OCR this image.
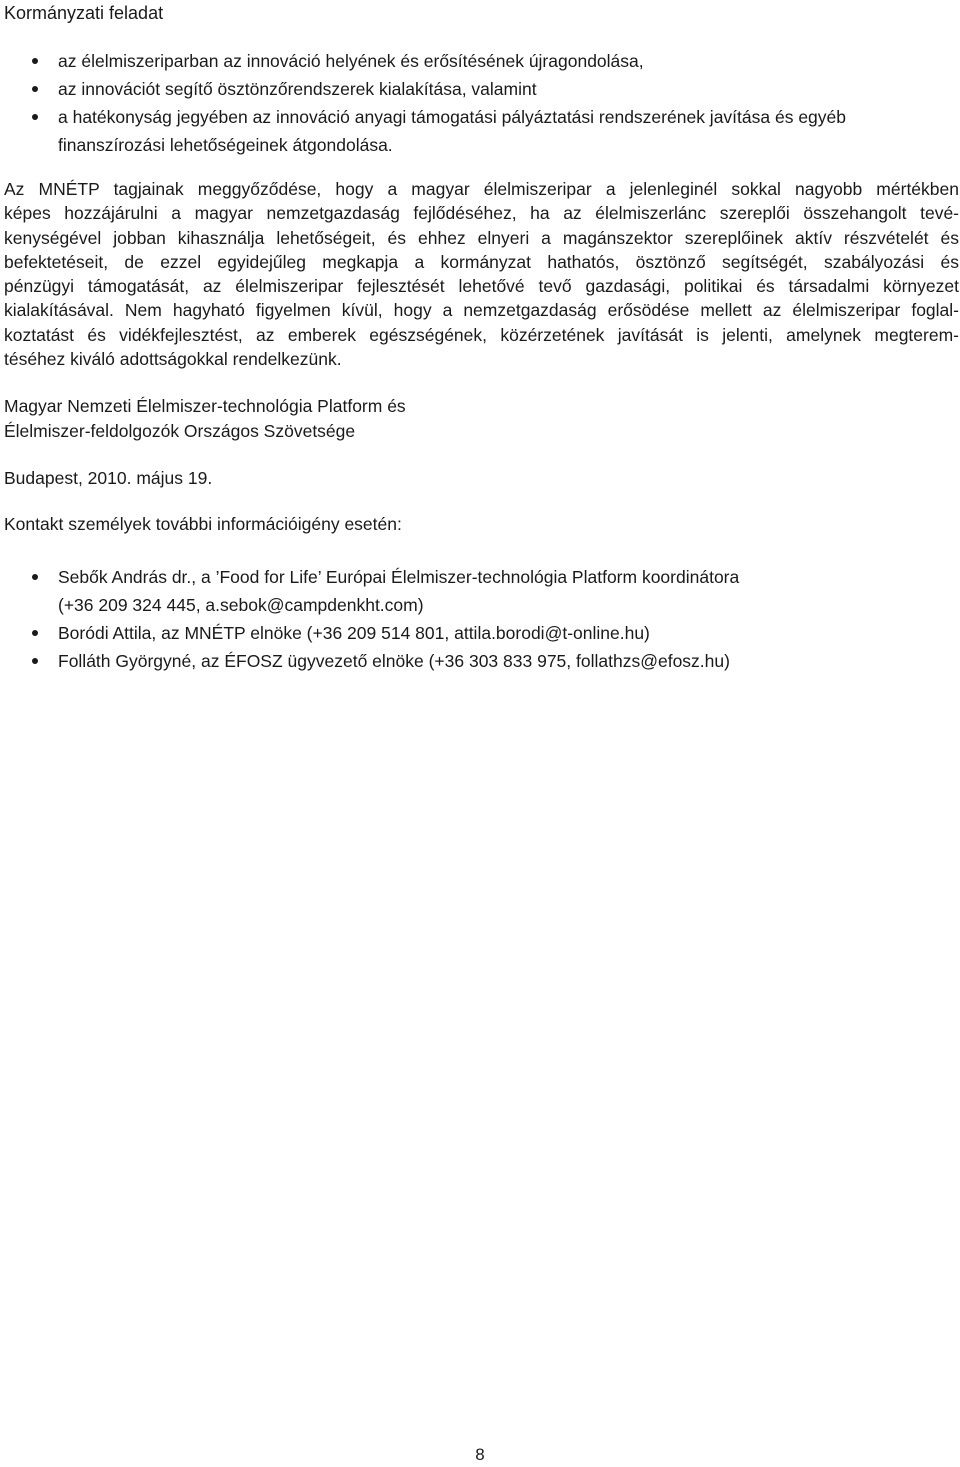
Kormányzati feladat
az élelmiszeriparban az innováció helyének és erősítésének újragondolása,
az innovációt segítő ösztönzőrendszerek kialakítása, valamint
a hatékonyság jegyében az innováció anyagi támogatási pályáztatási rendszerének javítása és egyéb
finanszírozási lehetőségeinek átgondolása.

Az MNÉTP tagjainak meggyőződése, hogy a magyar élelmiszeripar a jelenleginél sokkal nagyobb mértékben
képes hozzájárulni a magyar nemzetgazdaság fejlődéséhez, ha az élelmiszerlánc szereplői összehangolt tevé-
kenységével jobban kihasználja lehetőségeit, és ehhez elnyeri a magánszektor szereplőinek aktív részvételét és
befektetéseit, de ezzel egyidejűleg megkapja a kormányzat hathatós, ösztönző segítségét, szabályozási és
pénzügyi támogatását, az élelmiszeripar fejlesztését lehetővé tevő gazdasági, politikai és társadalmi környezet
kialakításával. Nem hagyható figyelmen kívül, hogy a nemzetgazdaság erősödése mellett az élelmiszeripar foglal-
koztatást és vidékfejlesztést, az emberek egészségének, közérzetének javítását is jelenti, amelynek megterem-
téséhez kiváló adottságokkal rendelkezünk.

Magyar Nemzeti Élelmiszer-technológia Platform és
Élelmiszer-feldolgozók Országos Szövetsége

Budapest, 2010. május 19.

Kontakt személyek további információigény esetén:

Sebők András dr., a ’Food for Life’ Európai Élelmiszer-technológia Platform koordinátora
(+36 209 324 445, a.sebok@campdenkht.com)
Boródi Attila, az MNÉTP elnöke (+36 209 514 801, attila.borodi@t-online.hu)
Folláth Györgyné, az ÉFOSZ ügyvezető elnöke (+36 303 833 975, follathzs@efosz.hu)

8
